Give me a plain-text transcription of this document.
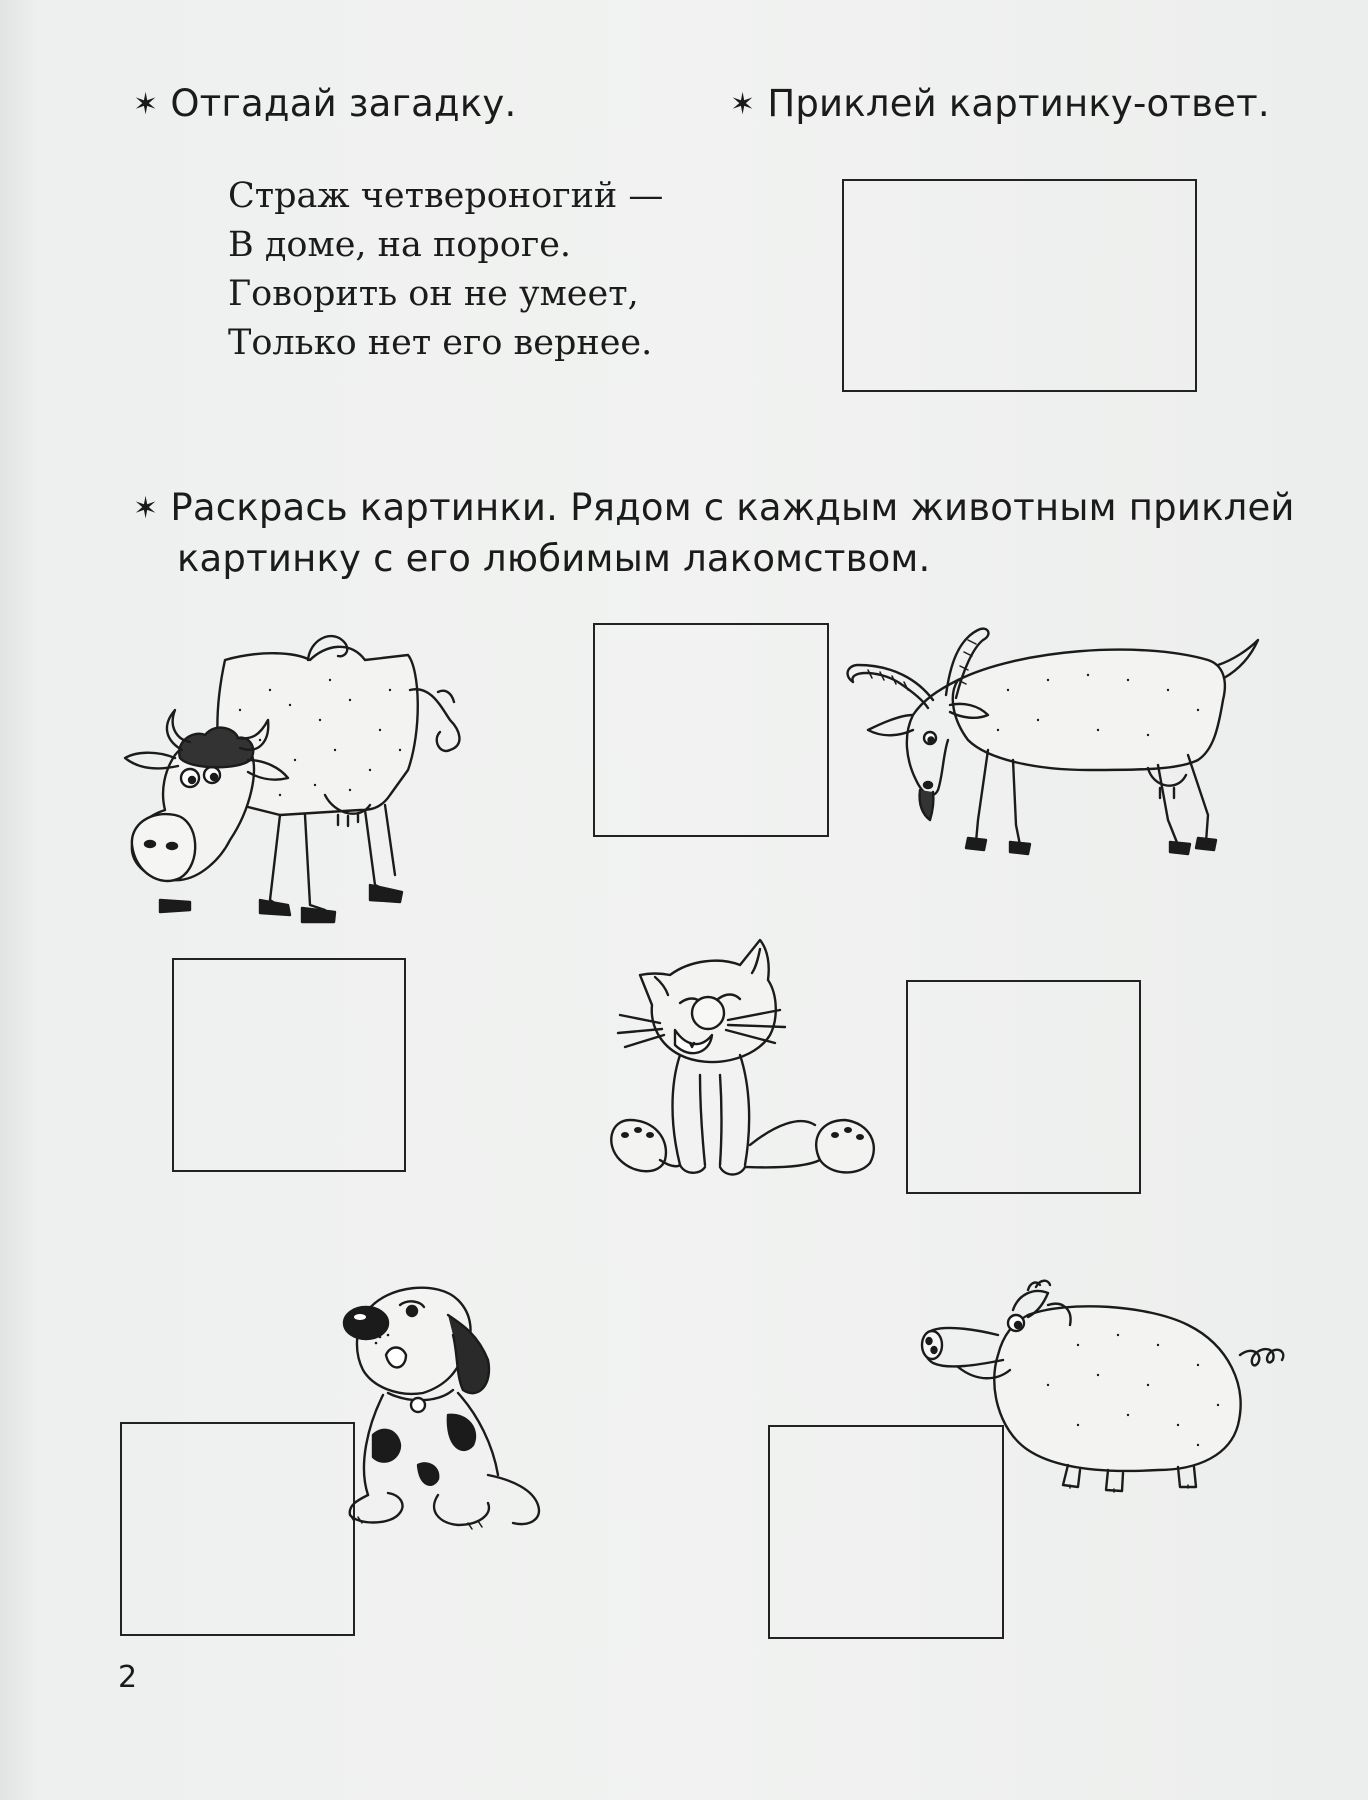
✶ Отгадай загадку.	✶ Приклей картинку-ответ.
Страж четвероногий —
В доме, на пороге.
Говорить он не умеет,
Только нет его вернее.
✶ Раскрась картинки. Рядом с каждым животным приклей
картинку с его любимым лакомством.
2
